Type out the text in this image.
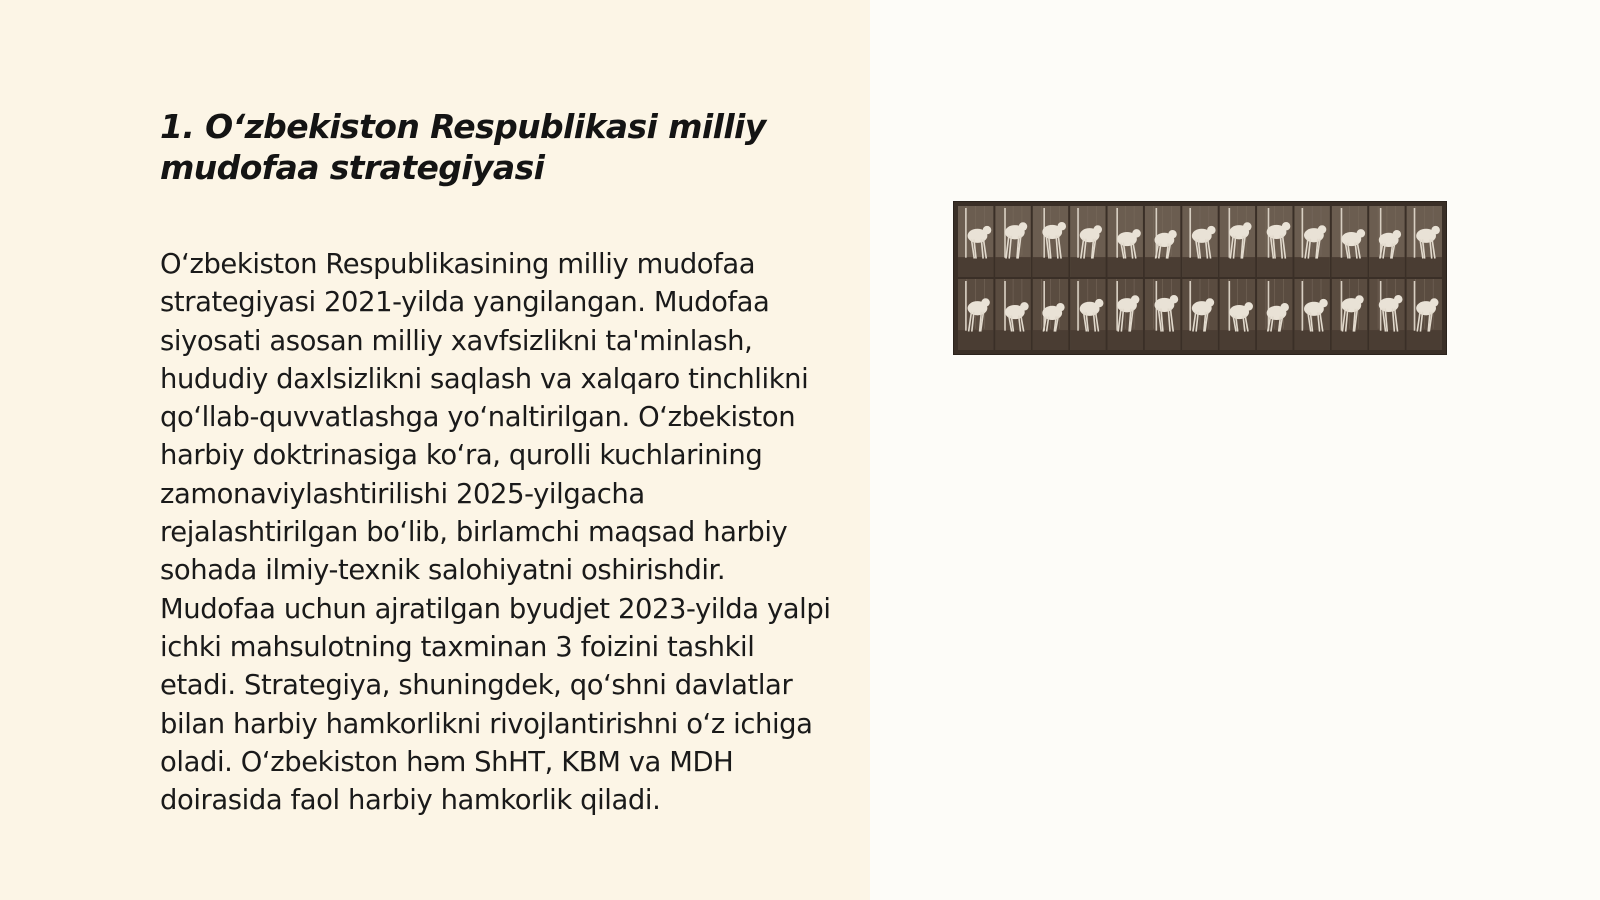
1. O‘zbekiston Respublikasi milliy mudofaa strategiyasi

O‘zbekiston Respublikasining milliy mudofaa strategiyasi 2021-yilda yangilangan. Mudofaa siyosati asosan milliy xavfsizlikni ta'minlash, hududiy daxlsizlikni saqlash va xalqaro tinchlikni qo‘llab-quvvatlashga yo‘naltirilgan. O‘zbekiston harbiy doktrinasiga ko‘ra, qurolli kuchlarining zamonaviylashtirilishi 2025-yilgacha rejalashtirilgan bo‘lib, birlamchi maqsad harbiy sohada ilmiy-texnik salohiyatni oshirishdir. Mudofaa uchun ajratilgan byudjet 2023-yilda yalpi ichki mahsulotning taxminan 3 foizini tashkil etadi. Strategiya, shuningdek, qo‘shni davlatlar bilan harbiy hamkorlikni rivojlantirishni o‘z ichiga oladi. O‘zbekiston həm ShHT, KBM va MDH doirasida faol harbiy hamkorlik qiladi.
